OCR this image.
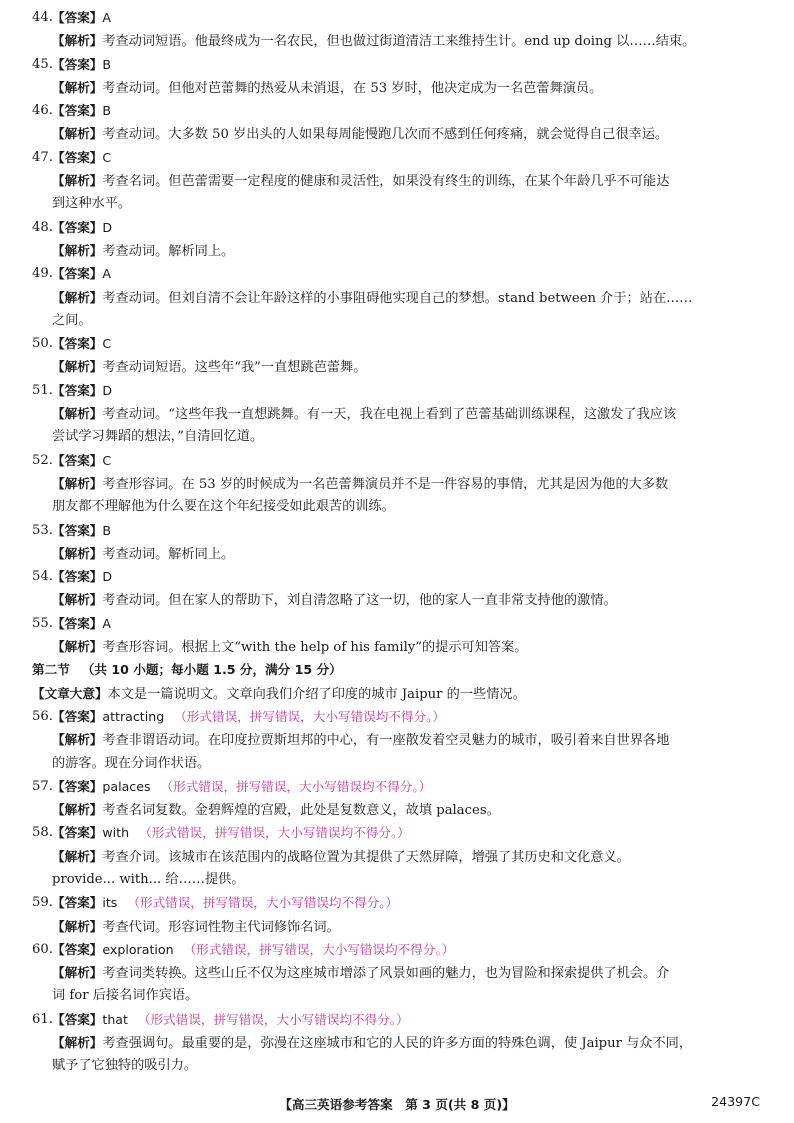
44. 【答案】A
【解析】考查动词短语。他最终成为一名农民，但也做过街道清洁工来维持生计。end up doing 以……结束。
45. 【答案】B
【解析】考查动词。但他对芭蕾舞的热爱从未消退，在 53 岁时，他决定成为一名芭蕾舞演员。
46. 【答案】B
【解析】考查动词。大多数 50 岁出头的人如果每周能慢跑几次而不感到任何疼痛，就会觉得自己很幸运。
47. 【答案】C
【解析】考查名词。但芭蕾需要一定程度的健康和灵活性，如果没有终生的训练，在某个年龄几乎不可能达
到这种水平。
48. 【答案】D
【解析】考查动词。解析同上。
49. 【答案】A
【解析】考查动词。但刘自清不会让年龄这样的小事阻碍他实现自己的梦想。stand between 介于；站在……
之间。
50. 【答案】C
【解析】考查动词短语。这些年“我”一直想跳芭蕾舞。
51. 【答案】D
【解析】考查动词。“这些年我一直想跳舞。有一天，我在电视上看到了芭蕾基础训练课程，这激发了我应该
尝试学习舞蹈的想法，”自清回忆道。
52. 【答案】C
【解析】考查形容词。在 53 岁的时候成为一名芭蕾舞演员并不是一件容易的事情，尤其是因为他的大多数
朋友都不理解他为什么要在这个年纪接受如此艰苦的训练。
53. 【答案】B
【解析】考查动词。解析同上。
54. 【答案】D
【解析】考查动词。但在家人的帮助下，刘自清忽略了这一切，他的家人一直非常支持他的激情。
55. 【答案】A
【解析】考查形容词。根据上文“with the help of his family”的提示可知答案。
第二节 （共 10 小题；每小题 1.5 分，满分 15 分）
【文章大意】本文是一篇说明文。文章向我们介绍了印度的城市 Jaipur 的一些情况。
56. 【答案】attracting （形式错误，拼写错误，大小写错误均不得分。）
【解析】考查非谓语动词。在印度拉贾斯坦邦的中心，有一座散发着空灵魅力的城市，吸引着来自世界各地
的游客。现在分词作状语。
57. 【答案】palaces （形式错误，拼写错误，大小写错误均不得分。）
【解析】考查名词复数。金碧辉煌的宫殿，此处是复数意义，故填 palaces。
58. 【答案】with （形式错误，拼写错误，大小写错误均不得分。）
【解析】考查介词。该城市在该范围内的战略位置为其提供了天然屏障，增强了其历史和文化意义。
provide... with... 给……提供。
59. 【答案】its （形式错误，拼写错误，大小写错误均不得分。）
【解析】考查代词。形容词性物主代词修饰名词。
60. 【答案】exploration （形式错误，拼写错误，大小写错误均不得分。）
【解析】考查词类转换。这些山丘不仅为这座城市增添了风景如画的魅力，也为冒险和探索提供了机会。介
词 for 后接名词作宾语。
61. 【答案】that （形式错误，拼写错误，大小写错误均不得分。）
【解析】考查强调句。最重要的是，弥漫在这座城市和它的人民的许多方面的特殊色调，使 Jaipur 与众不同，
赋予了它独特的吸引力。
【高三英语参考答案　第 3 页(共 8 页)】	24397C
